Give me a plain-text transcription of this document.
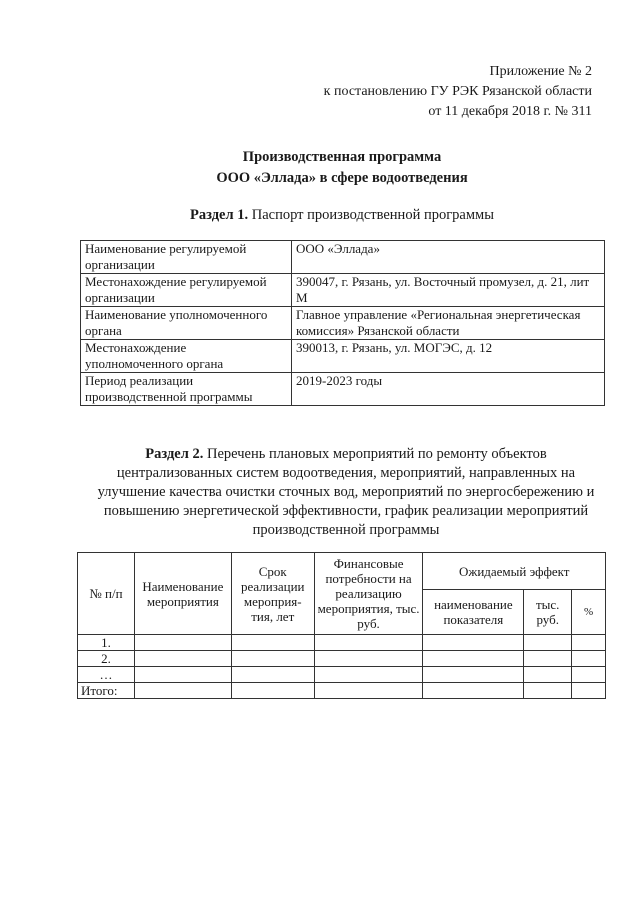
Приложение № 2
к постановлению ГУ РЭК Рязанской области
от 11 декабря 2018 г. № 311
Производственная программа
ООО «Эллада» в сфере водоотведения
Раздел 1. Паспорт производственной программы
Наименование регулируемой организации	ООО «Эллада»
Местонахождение регулируемой организации	390047, г. Рязань, ул. Восточный промузел, д. 21, лит М
Наименование уполномоченного органа	Главное управление «Региональная энергетическая комиссия» Рязанской области
Местонахождение уполномоченного органа	390013, г. Рязань, ул. МОГЭС, д. 12
Период реализации производственной программы	2019-2023 годы
Раздел 2. Перечень плановых мероприятий по ремонту объектов централизованных систем водоотведения, мероприятий, направленных на улучшение качества очистки сточных вод, мероприятий по энергосбережению и повышению энергетической эффективности, график реализации мероприятий производственной программы
№ п/п	Наименование мероприятия	Срок реализации мероприя-тия, лет	Финансовые потребности на реализацию мероприятия, тыс. руб.	Ожидаемый эффект		
				наименование показателя	тыс. руб.	%
1.						
2.						
…						
Итого:						
